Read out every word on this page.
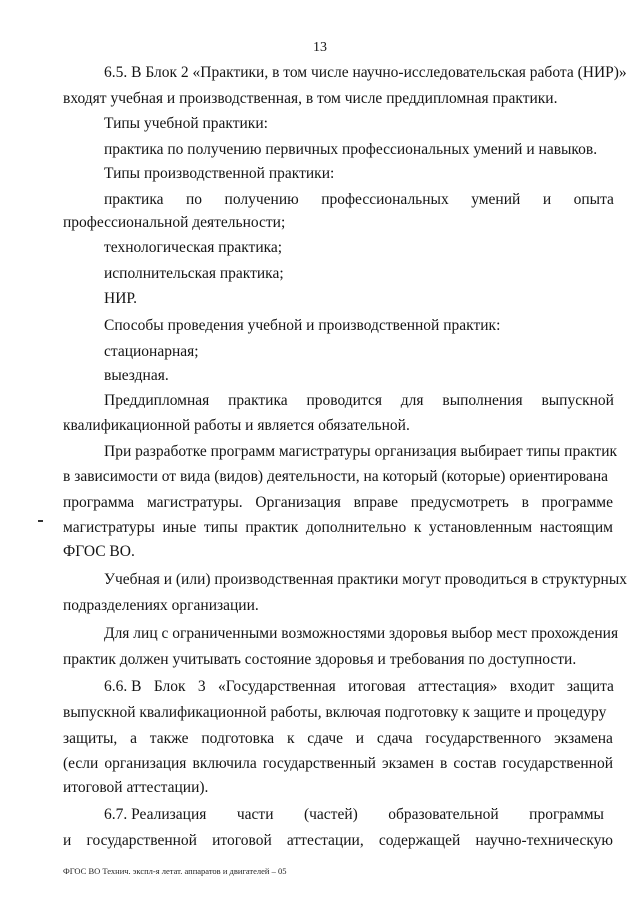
13
6.5. В Блок 2 «Практики, в том числе научно-исследовательская работа (НИР)»
входят учебная и производственная, в том числе преддипломная практики.
Типы учебной практики:
практика по получению первичных профессиональных умений и навыков.
Типы производственной практики:
практика по получению профессиональных умений и опыта
профессиональной деятельности;
технологическая практика;
исполнительская практика;
НИР.
Способы проведения учебной и производственной практик:
стационарная;
выездная.
Преддипломная практика проводится для выполнения выпускной
квалификационной работы и является обязательной.
При разработке программ магистратуры организация выбирает типы практик
в зависимости от вида (видов) деятельности, на который (которые) ориентирована
программа магистратуры. Организация вправе предусмотреть в программе
магистратуры иные типы практик дополнительно к установленным настоящим
ФГОС ВО.
Учебная и (или) производственная практики могут проводиться в структурных
подразделениях организации.
Для лиц с ограниченными возможностями здоровья выбор мест прохождения
практик должен учитывать состояние здоровья и требования по доступности.
6.6. В Блок 3 «Государственная итоговая аттестация» входит защита
выпускной квалификационной работы, включая подготовку к защите и процедуру
защиты, а также подготовка к сдаче и сдача государственного экзамена
(если организация включила государственный экзамен в состав государственной
итоговой аттестации).
6.7. Реализация части (частей) образовательной программы
и государственной итоговой аттестации, содержащей научно-техническую
ФГОС ВО Технич. экспл-я летат. аппаратов и двигателей – 05
